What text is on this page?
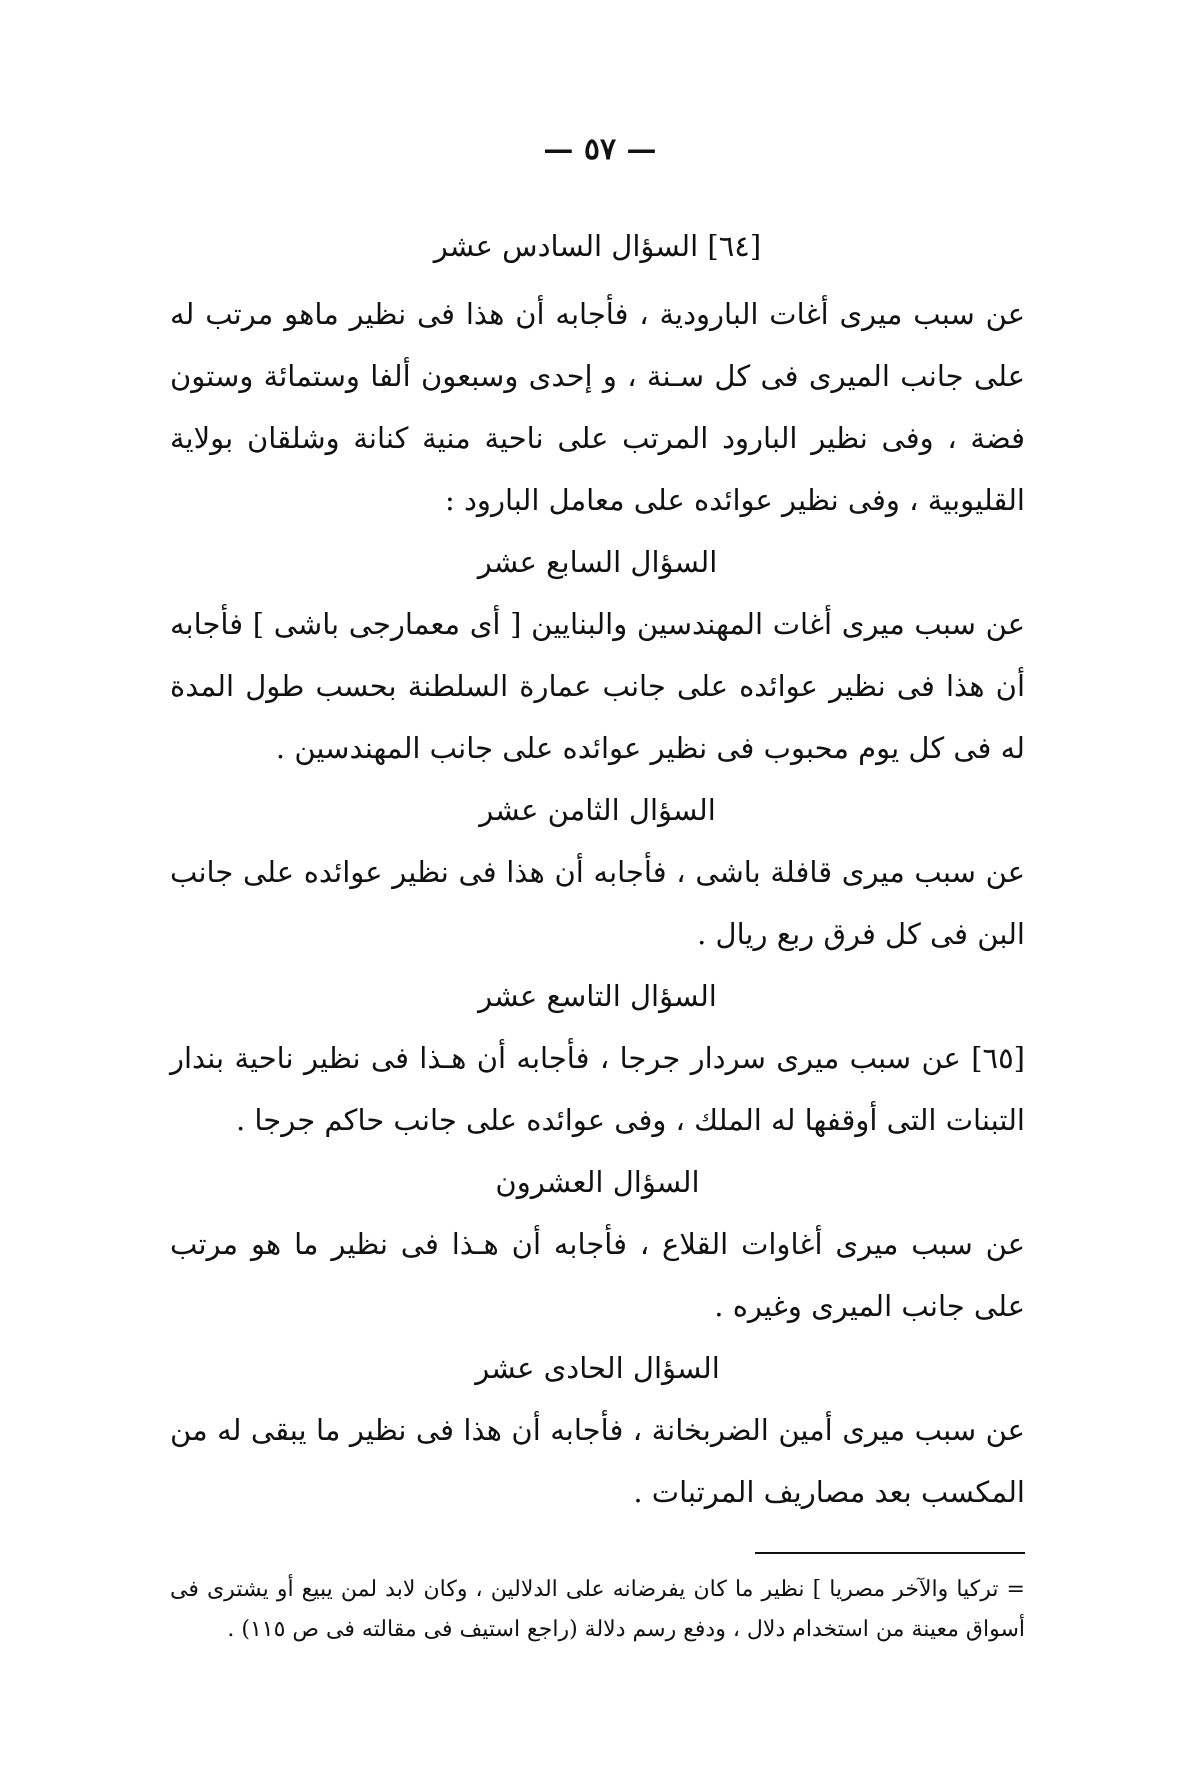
— ٥٧ —
[٦٤] السؤال السادس عشر
عن سبب ميرى أغات البارودية ، فأجابه أن هذا فى نظير ماهو مرتب له على جانب الميرى فى كل سـنة ، و إحدى وسبعون ألفا وستمائة وستون فضة ، وفى نظير البارود المرتب على ناحية منية كنانة وشلقان بولاية القليوبية ، وفى نظير عوائده على معامل البارود :
السؤال السابع عشر
عن سبب ميرى أغات المهندسين والبنايين [ أى معمارجى باشى ] فأجابه أن هذا فى نظير عوائده على جانب عمارة السلطنة بحسب طول المدة له فى كل يوم محبوب فى نظير عوائده على جانب المهندسين .
السؤال الثامن عشر
عن سبب ميرى قافلة باشى ، فأجابه أن هذا فى نظير عوائده على جانب البن فى كل فرق ربع ريال .
السؤال التاسع عشر
[٦٥] عن سبب ميرى سردار جرجا ، فأجابه أن هـذا فى نظير ناحية بندار التبنات التى أوقفها له الملك ، وفى عوائده على جانب حاكم جرجا .
السؤال العشرون
عن سبب ميرى أغاوات القلاع ، فأجابه أن هـذا فى نظير ما هو مرتب على جانب الميرى وغيره .
السؤال الحادى عشر
عن سبب ميرى أمين الضربخانة ، فأجابه أن هذا فى نظير ما يبقى له من المكسب بعد مصاريف المرتبات .
= تركيا والآخر مصريا ] نظير ما كان يفرضانه على الدلالين ، وكان لابد لمن يبيع أو يشترى فى أسواق معينة من استخدام دلال ، ودفع رسم دلالة (راجع استيف فى مقالته فى ص ١١٥) .
